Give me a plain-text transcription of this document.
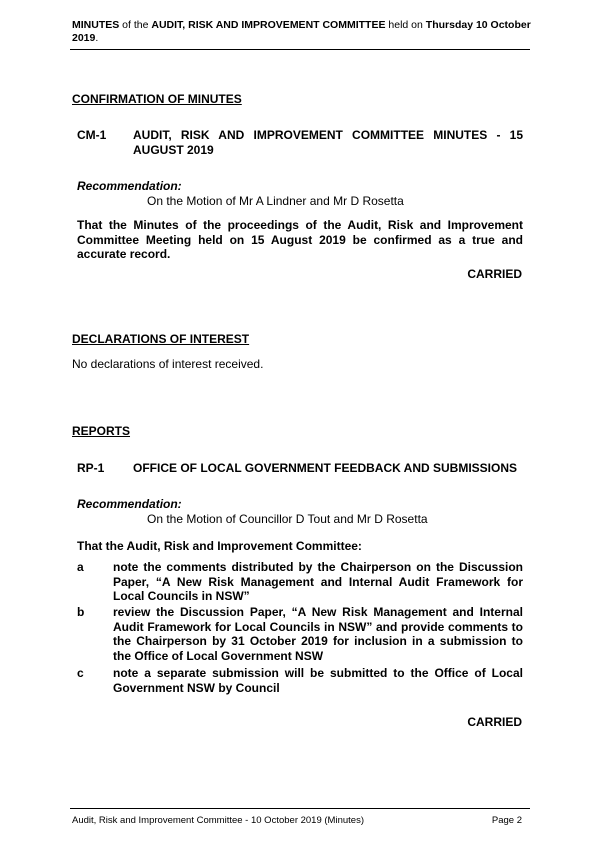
MINUTES of the AUDIT, RISK AND IMPROVEMENT COMMITTEE held on Thursday 10 October 2019.
CONFIRMATION OF MINUTES
CM-1 AUDIT, RISK AND IMPROVEMENT COMMITTEE MINUTES - 15 AUGUST 2019
Recommendation:
On the Motion of Mr A Lindner and Mr D Rosetta
That the Minutes of the proceedings of the Audit, Risk and Improvement Committee Meeting held on 15 August 2019 be confirmed as a true and accurate record.
CARRIED
DECLARATIONS OF INTEREST
No declarations of interest received.
REPORTS
RP-1 OFFICE OF LOCAL GOVERNMENT FEEDBACK AND SUBMISSIONS
Recommendation:
On the Motion of Councillor D Tout and Mr D Rosetta
That the Audit, Risk and Improvement Committee:
a note the comments distributed by the Chairperson on the Discussion Paper, “A New Risk Management and Internal Audit Framework for Local Councils in NSW”
b review the Discussion Paper, “A New Risk Management and Internal Audit Framework for Local Councils in NSW” and provide comments to the Chairperson by 31 October 2019 for inclusion in a submission to the Office of Local Government NSW
c note a separate submission will be submitted to the Office of Local Government NSW by Council
CARRIED
Audit, Risk and Improvement Committee - 10 October 2019 (Minutes)	Page 2
